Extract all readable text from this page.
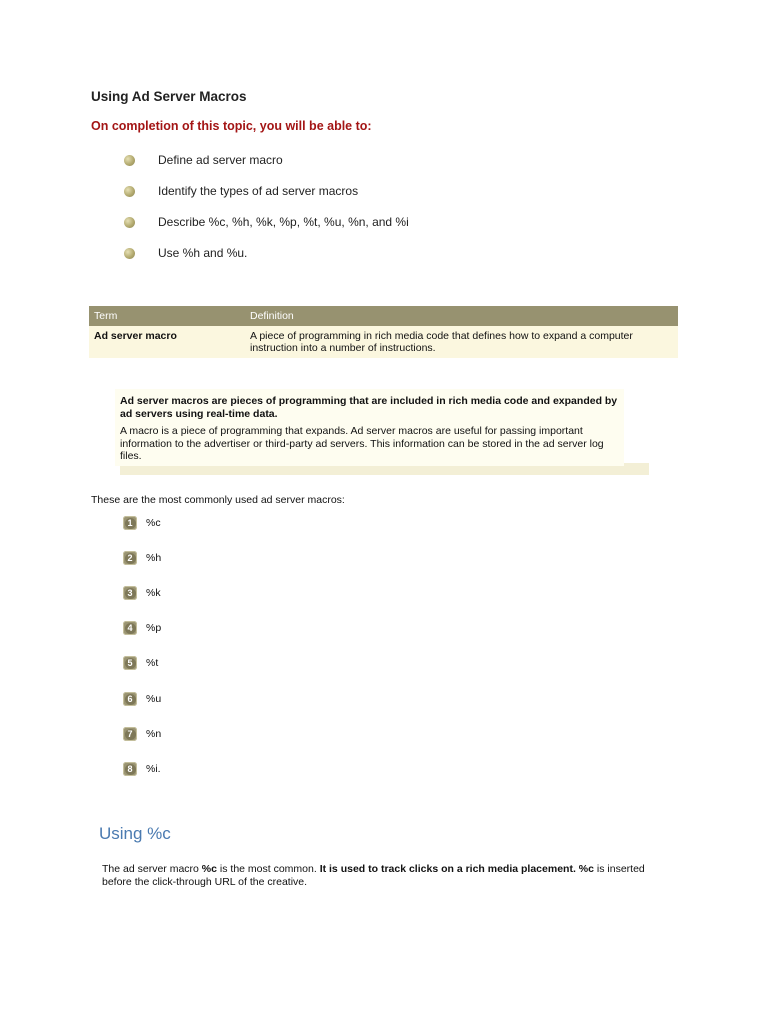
Using Ad Server Macros
On completion of this topic, you will be able to:
Define ad server macro
Identify the types of ad server macros
Describe %c, %h, %k, %p, %t, %u, %n, and %i
Use %h and %u.
Term	Definition
Ad server macro	A piece of programming in rich media code that defines how to expand a computer instruction into a number of instructions.
Ad server macros are pieces of programming that are included in rich media code and expanded by ad servers using real-time data.
A macro is a piece of programming that expands. Ad server macros are useful for passing important information to the advertiser or third-party ad servers. This information can be stored in the ad server log files.
These are the most commonly used ad server macros:
1 %c
2 %h
3 %k
4 %p
5 %t
6 %u
7 %n
8 %i.
Using %c
The ad server macro %c is the most common. It is used to track clicks on a rich media placement. %c is inserted before the click-through URL of the creative.
